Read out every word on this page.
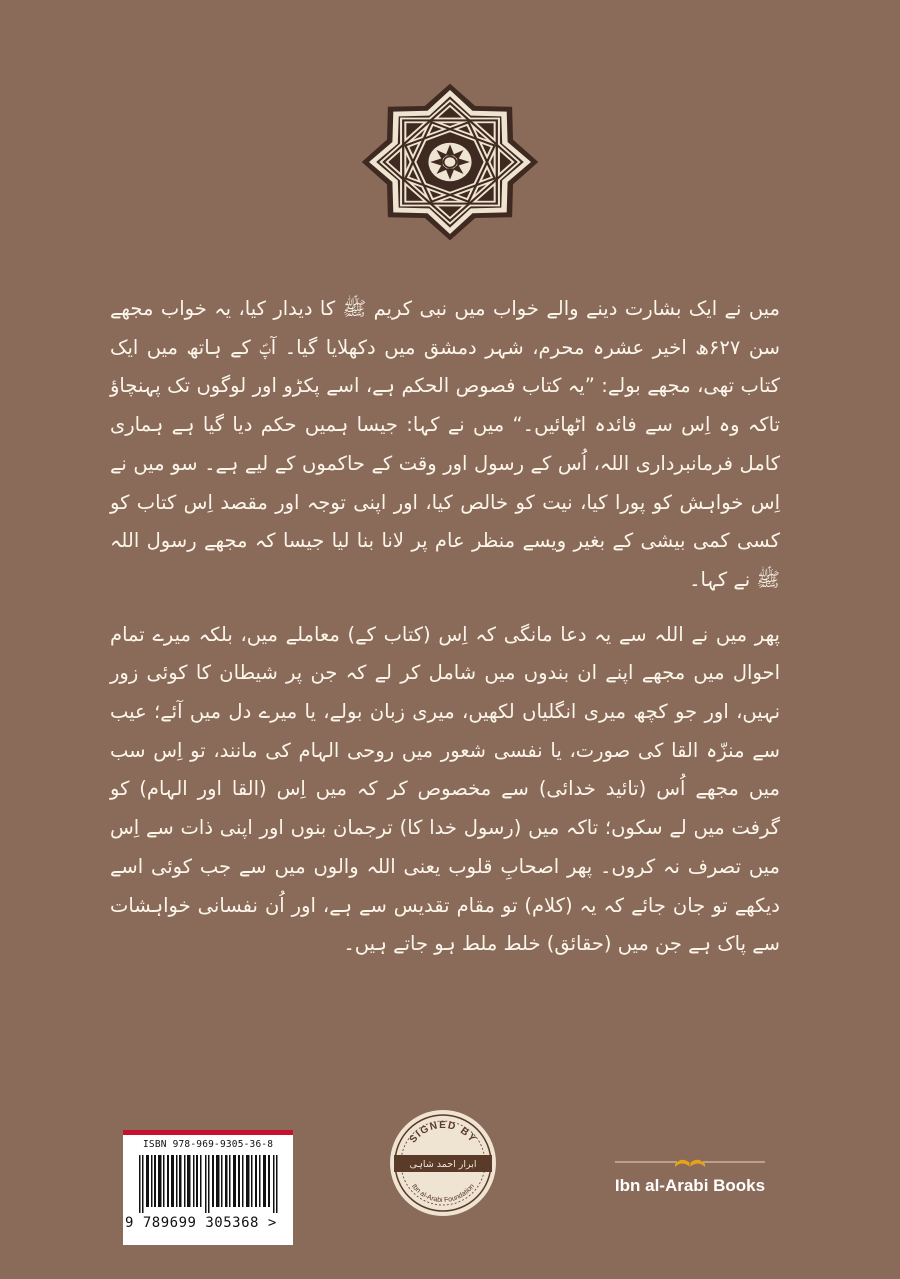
میں نے ایک بشارت دینے والے خواب میں نبی کریم ﷺ کا دیدار کیا، یہ خواب مجھے سن ۶۲۷ھ اخیر عشرہ محرم، شہر دمشق میں دکھلایا گیا۔ آپؐ کے ہاتھ میں ایک کتاب تھی، مجھے بولے: ”یہ کتاب فصوص الحکم ہے، اسے پکڑو اور لوگوں تک پہنچاؤ تاکہ وہ اِس سے فائدہ اٹھائیں۔“ میں نے کہا: جیسا ہمیں حکم دیا گیا ہے ہماری کامل فرمانبرداری اللہ، اُس کے رسول اور وقت کے حاکموں کے لیے ہے۔ سو میں نے اِس خواہش کو پورا کیا، نیت کو خالص کیا، اور اپنی توجہ اور مقصد اِس کتاب کو کسی کمی بیشی کے بغیر ویسے منظر عام پر لانا بنا لیا جیسا کہ مجھے رسول اللہ ﷺ نے کہا۔

پھر میں نے اللہ سے یہ دعا مانگی کہ اِس (کتاب کے) معاملے میں، بلکہ میرے تمام احوال میں مجھے اپنے ان بندوں میں شامل کر لے کہ جن پر شیطان کا کوئی زور نہیں، اور جو کچھ میری انگلیاں لکھیں، میری زبان بولے، یا میرے دل میں آئے؛ عیب سے منزّہ القا کی صورت، یا نفسی شعور میں روحی الہام کی مانند، تو اِس سب میں مجھے اُس (تائید خدائی) سے مخصوص کر کہ میں اِس (القا اور الہام) کو گرفت میں لے سکوں؛ تاکہ میں (رسول خدا کا) ترجمان بنوں اور اپنی ذات سے اِس میں تصرف نہ کروں۔ پھر اصحابِ قلوب یعنی اللہ والوں میں سے جب کوئی اسے دیکھے تو جان جائے کہ یہ (کلام) تو مقام تقدیس سے ہے، اور اُن نفسانی خواہشات سے پاک ہے جن میں (حقائق) خلط ملط ہو جاتے ہیں۔

ISBN 978-969-9305-36-8
9 789699 305368 >
SIGNED BY
ابرار احمد شاہی
Ibn al-Arabi Foundation	Ibn al-Arabi Books
